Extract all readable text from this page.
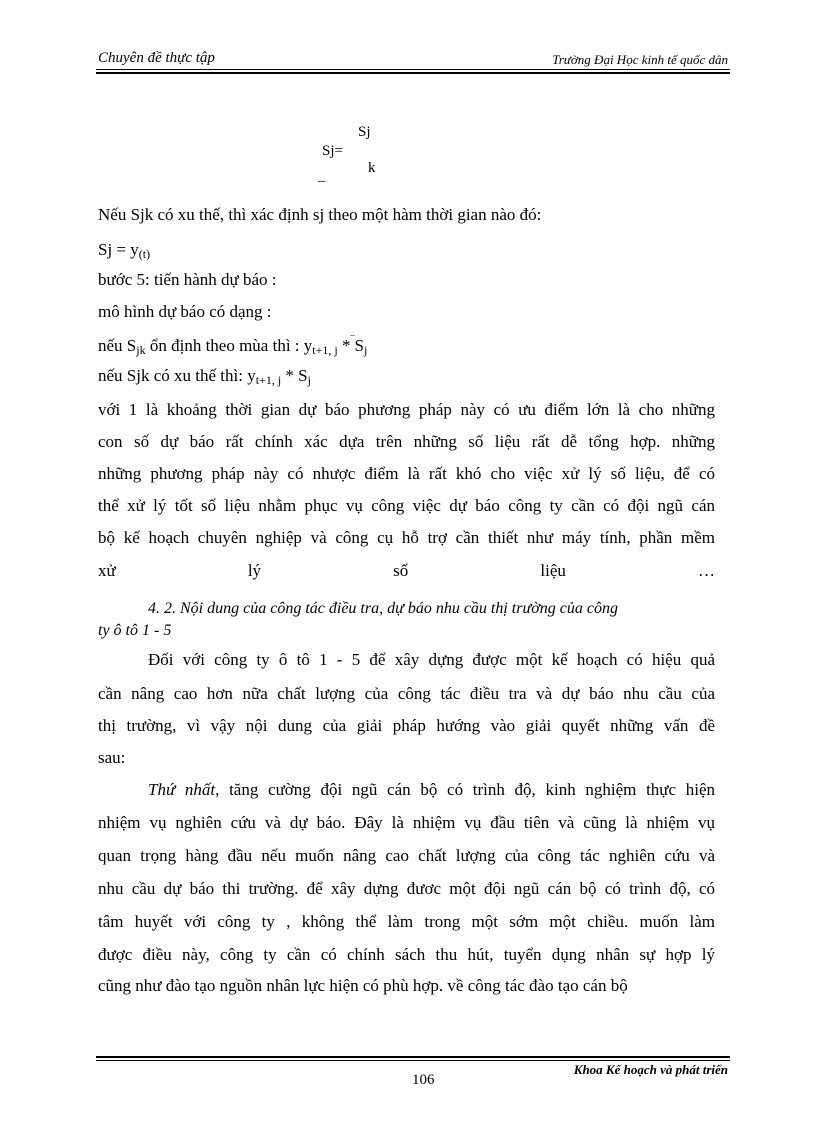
Chuyên đề thực tập	Trường Đại Học kinh tế quốc dân
Sj
Sj=
k
_
Nếu Sjk có xu thế, thì xác định sj theo một hàm thời gian nào đó:
$Sj = y_{(t)}$
bước 5: tiến hành dự báo :
mô hình dự báo có dạng :
nếu $S_{jk}$ ổn định theo mùa thì : $y_{t+1, j}$ $*^‾S_j$
nếu Sjk có xu thế thì: $y_{t+1, j} * S_j$
với 1 là khoảng thời gian dự báo phương pháp này có ưu điểm lớn là cho những
con số dự báo rất chính xác dựa trên những số liệu rất dễ tổng hợp. những
những phương pháp này có nhược điểm là rất khó cho việc xử lý số liệu, để có
thể xử lý tốt số liệu nhằm phục vụ công việc dự báo công ty cần có đội ngũ cán
bộ kế hoạch chuyên nghiệp và công cụ hỗ trợ cần thiết như máy tính, phần mềm
xử lý số liệu …
4. 2. Nội dung của công tác điều tra, dự báo nhu cầu thị trường của công
ty ô tô 1 - 5
Đối với công ty ô tô 1 - 5 để xây dựng được một kế hoạch có hiệu quả
cần nâng cao hơn nữa chất lượng của công tác điều tra và dự báo nhu cầu của
thị trường, vì vậy nội dung của giải pháp hướng vào giải quyết những vấn đề
sau:
Thứ nhất, tăng cường đội ngũ cán bộ có trình độ, kinh nghiệm thực hiện
nhiệm vụ nghiên cứu và dự báo. Đây là nhiệm vụ đầu tiên và cũng là nhiệm vụ
quan trọng hàng đầu nếu muốn nâng cao chất lượng của công tác nghiên cứu và
nhu cầu dự báo thi trường. để xây dựng đươc một đội ngũ cán bộ có trình độ, có
tâm huyết với công ty , không thể làm trong một sớm một chiều. muốn làm
được điều này, công ty cần có chính sách thu hút, tuyển dụng nhân sự hợp lý
cũng như đào tạo nguồn nhân lực hiện có phù hợp. về công tác đào tạo cán bộ
Khoa Kế hoạch và phát triển
106
